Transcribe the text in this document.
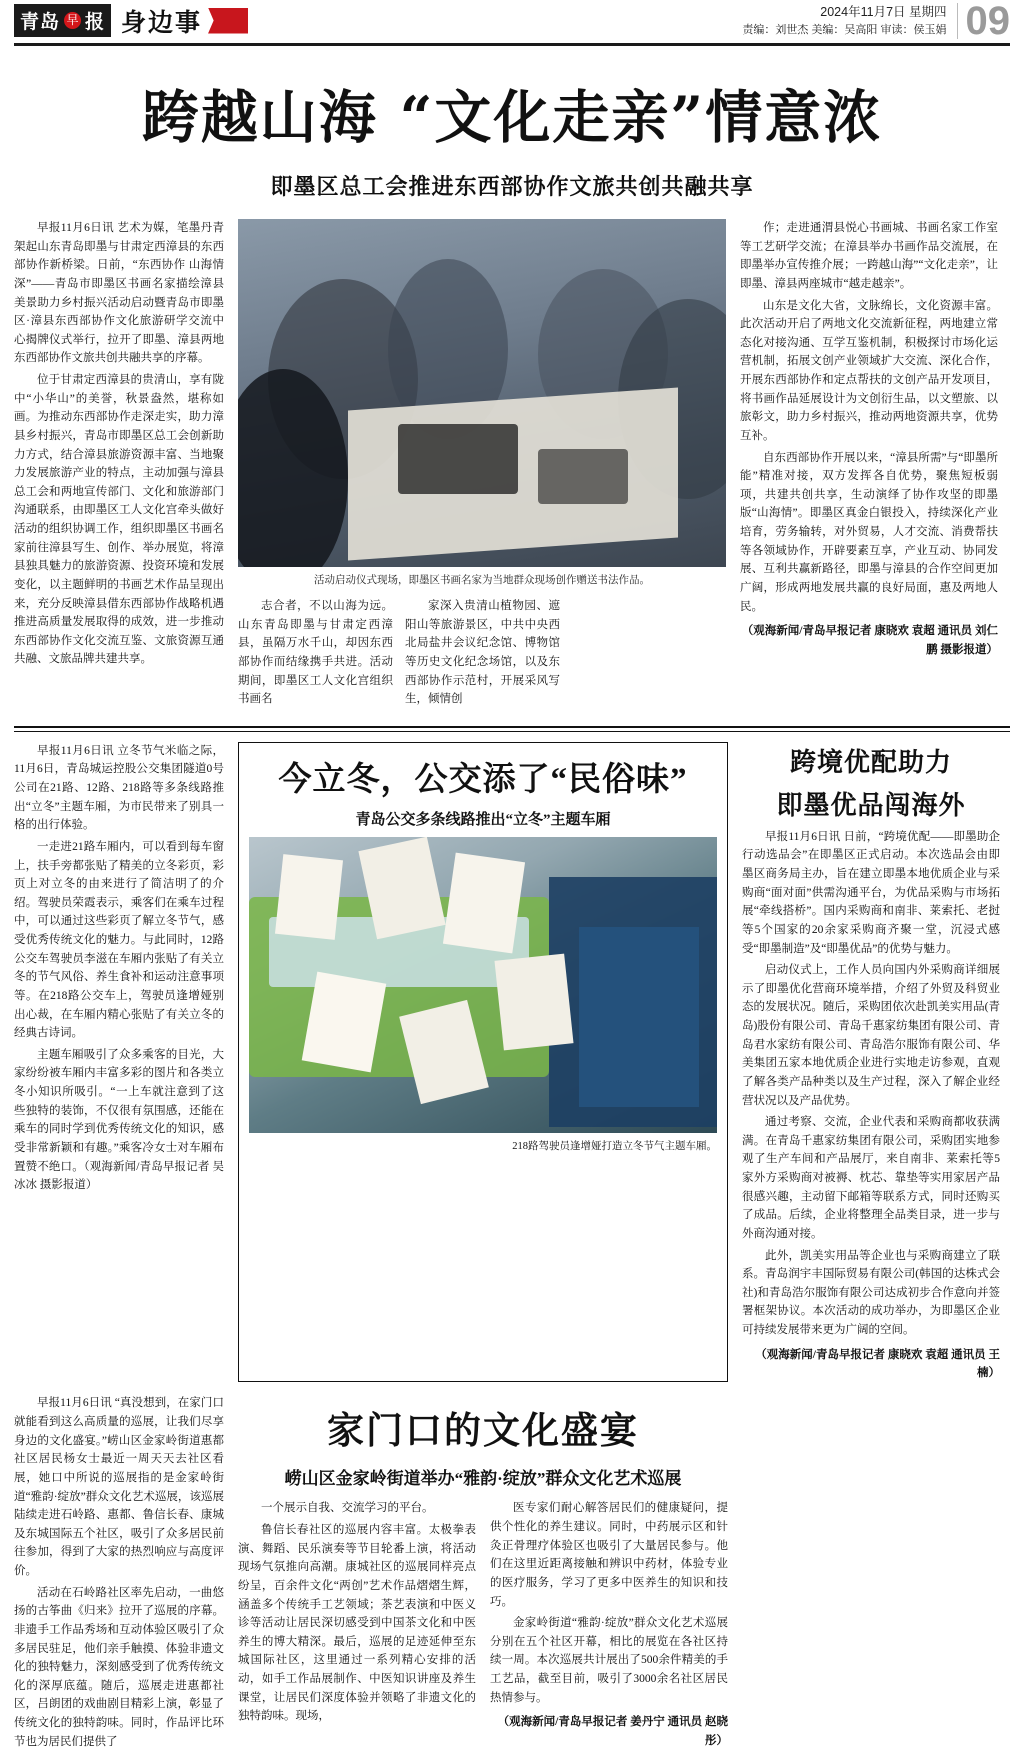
青岛 早 报 身边事	2024年11月7日 星期四
责编：刘世杰 美编：吴高阳 审读：侯玉娟 09
跨越山海 “文化走亲”情意浓
即墨区总工会推进东西部协作文旅共创共融共享

早报11月6日讯 艺术为媒，笔墨丹青架起山东青岛即墨与甘肃定西漳县的东西部协作新桥梁。日前，“东西协作 山海情深”——青岛市即墨区书画名家描绘漳县美景助力乡村振兴活动启动暨青岛市即墨区·漳县东西部协作文化旅游研学交流中心揭牌仪式举行，拉开了即墨、漳县两地东西部协作文旅共创共融共享的序幕。

位于甘肃定西漳县的贵清山，享有陇中“小华山”的美誉，秋景盎然，堪称如画。为推动东西部协作走深走实，助力漳县乡村振兴，青岛市即墨区总工会创新助力方式，结合漳县旅游资源丰富、当地聚力发展旅游产业的特点，主动加强与漳县总工会和两地宣传部门、文化和旅游部门沟通联系，由即墨区工人文化宫牵头做好活动的组织协调工作，组织即墨区书画名家前往漳县写生、创作、举办展览，将漳县独具魅力的旅游资源、投资环境和发展变化，以主题鲜明的书画艺术作品呈现出来，充分反映漳县借东西部协作战略机遇推进高质量发展取得的成效，进一步推动东西部协作文化交流互鉴、文旅资源互通共融、文旅品牌共建共享。

活动启动仪式现场，即墨区书画名家为当地群众现场创作赠送书法作品。

志合者，不以山海为远。山东青岛即墨与甘肃定西漳县，虽隔万水千山，却因东西部协作而结缘携手共进。活动期间，即墨区工人文化宫组织书画名

家深入贵清山植物园、遮阳山等旅游景区，中共中央西北局盐井会议纪念馆、博物馆等历史文化纪念场馆，以及东西部协作示范村，开展采风写生，倾情创

作；走进通渭县悦心书画城、书画名家工作室等工艺研学交流；在漳县举办书画作品交流展，在即墨举办宣传推介展；一跨越山海”“文化走亲”，让即墨、漳县两座城市“越走越亲”。

山东是文化大省，文脉绵长，文化资源丰富。此次活动开启了两地文化交流新征程，两地建立常态化对接沟通、互学互鉴机制，积极探讨市场化运营机制，拓展文创产业领域扩大交流、深化合作，开展东西部协作和定点帮扶的文创产品开发项目，将书画作品延展设计为文创衍生品，以文塑旅、以旅彰文，助力乡村振兴，推动两地资源共享，优势互补。

自东西部协作开展以来，“漳县所需”与“即墨所能”精准对接，双方发挥各自优势，聚焦短板弱项，共建共创共享，生动演绎了协作攻坚的即墨版“山海情”。即墨区真金白银投入，持续深化产业培育，劳务输转，对外贸易，人才交流、消费帮扶等各领域协作，开辟要素互享，产业互动、协同发展、互利共赢新路径，即墨与漳县的合作空间更加广阔，形成两地发展共赢的良好局面，惠及两地人民。

（观海新闻/青岛早报记者 康晓欢 袁超 通讯员 刘仁鹏 摄影报道）

早报11月6日讯 立冬节气米临之际，11月6日，青岛城运控股公交集团隧道0号公司在21路、12路、218路等多条线路推出“立冬”主题车厢，为市民带来了别具一格的出行体验。

一走进21路车厢内，可以看到每车窗上，扶手旁都张贴了精美的立冬彩页，彩页上对立冬的由来进行了简洁明了的介绍。驾驶员荣霞表示，乘客们在乘车过程中，可以通过这些彩页了解立冬节气，感受优秀传统文化的魅力。与此同时，12路公交车驾驶员李滋在车厢内张贴了有关立冬的节气风俗、养生食补和运动注意事项等。在218路公交车上，驾驶员逢增娅别出心裁，在车厢内精心张贴了有关立冬的经典古诗词。

主题车厢吸引了众多乘客的目光，大家纷纷被车厢内丰富多彩的图片和各类立冬小知识所吸引。“一上车就注意到了这些独特的装饰，不仅很有氛围感，还能在乘车的同时学到优秀传统文化的知识，感受非常新颖和有趣。”乘客冷女士对车厢布置赞不绝口。（观海新闻/青岛早报记者 吴冰冰 摄影报道）

今立冬，公交添了“民俗味”
青岛公交多条线路推出“立冬”主题车厢
218路驾驶员逢增娅打造立冬节气主题车厢。
跨境优配助力
即墨优品闯海外

早报11月6日讯 日前，“跨境优配——即墨助企行动选品会”在即墨区正式启动。本次选品会由即墨区商务局主办，旨在建立即墨本地优质企业与采购商“面对面”供需沟通平台，为优品采购与市场拓展“牵线搭桥”。国内采购商和南非、莱索托、老挝等5个国家的20余家采购商齐聚一堂，沉浸式感受“即墨制造”及“即墨优品”的优势与魅力。

启动仪式上，工作人员向国内外采购商详细展示了即墨优化营商环境举措，介绍了外贸及科贸业态的发展状况。随后，采购团依次赴凯美实用品(青岛)股份有限公司、青岛千惠家纺集团有限公司、青岛君水家纺有限公司、青岛浩尔服饰有限公司、华美集团五家本地优质企业进行实地走访参观，直观了解各类产品种类以及生产过程，深入了解企业经营状况以及产品优势。

通过考察、交流，企业代表和采购商都收获满满。在青岛千惠家纺集团有限公司，采购团实地参观了生产车间和产品展厅，来自南非、莱索托等5家外方采购商对被褥、枕芯、靠垫等实用家居产品很感兴趣，主动留下邮箱等联系方式，同时还购买了成品。后续，企业将整理全品类目录，进一步与外商沟通对接。

此外，凯美实用品等企业也与采购商建立了联系。青岛润宇丰国际贸易有限公司(韩国的达株式会社)和青岛浩尔服饰有限公司达成初步合作意向并签署框架协议。本次活动的成功举办，为即墨区企业可持续发展带来更为广阔的空间。

（观海新闻/青岛早报记者 康晓欢 袁超 通讯员 王楠）

早报11月6日讯 “真没想到，在家门口就能看到这么高质量的巡展，让我们尽享身边的文化盛宴。”崂山区金家岭街道惠都社区居民杨女士最近一周天天去社区看展，她口中所说的巡展指的是金家岭街道“雅韵·绽放”群众文化艺术巡展，该巡展陆续走进石岭路、惠都、鲁信长春、康城及东城国际五个社区，吸引了众多居民前往参加，得到了大家的热烈响应与高度评价。

活动在石岭路社区率先启动，一曲悠扬的古筝曲《归来》拉开了巡展的序幕。非遗手工作品秀场和互动体验区吸引了众多居民驻足，他们亲手触摸、体验非遗文化的独特魅力，深刻感受到了优秀传统文化的深厚底蕴。随后，巡展走进惠都社区，吕朗团的戏曲剧目精彩上演，彰显了传统文化的独特韵味。同时，作品评比环节也为居民们提供了

家门口的文化盛宴
崂山区金家岭街道举办“雅韵·绽放”群众文化艺术巡展

一个展示自我、交流学习的平台。

鲁信长春社区的巡展内容丰富。太极拳表演、舞蹈、民乐演奏等节目轮番上演，将活动现场气氛推向高潮。康城社区的巡展同样亮点纷呈，百余件文化“两创”艺术作品熠熠生辉，涵盖多个传统手工艺领域；茶艺表演和中医义诊等活动让居民深切感受到中国茶文化和中医养生的博大精深。最后，巡展的足迹延伸至东城国际社区，这里通过一系列精心安排的活动，如手工作品展制作、中医知识讲座及养生课堂，让居民们深度体验并领略了非遗文化的独特韵味。现场，

医专家们耐心解答居民们的健康疑问，提供个性化的养生建议。同时，中药展示区和针灸正骨理疗体验区也吸引了大量居民参与。他们在这里近距离接触和辨识中药材，体验专业的医疗服务，学习了更多中医养生的知识和技巧。

金家岭街道“雅韵·绽放”群众文化艺术巡展分别在五个社区开幕，相比的展览在各社区持续一周。本次巡展共计展出了500余件精美的手工艺品，截至目前，吸引了3000余名社区居民热情参与。

（观海新闻/青岛早报记者 姜丹宁 通讯员 赵晓彤）
